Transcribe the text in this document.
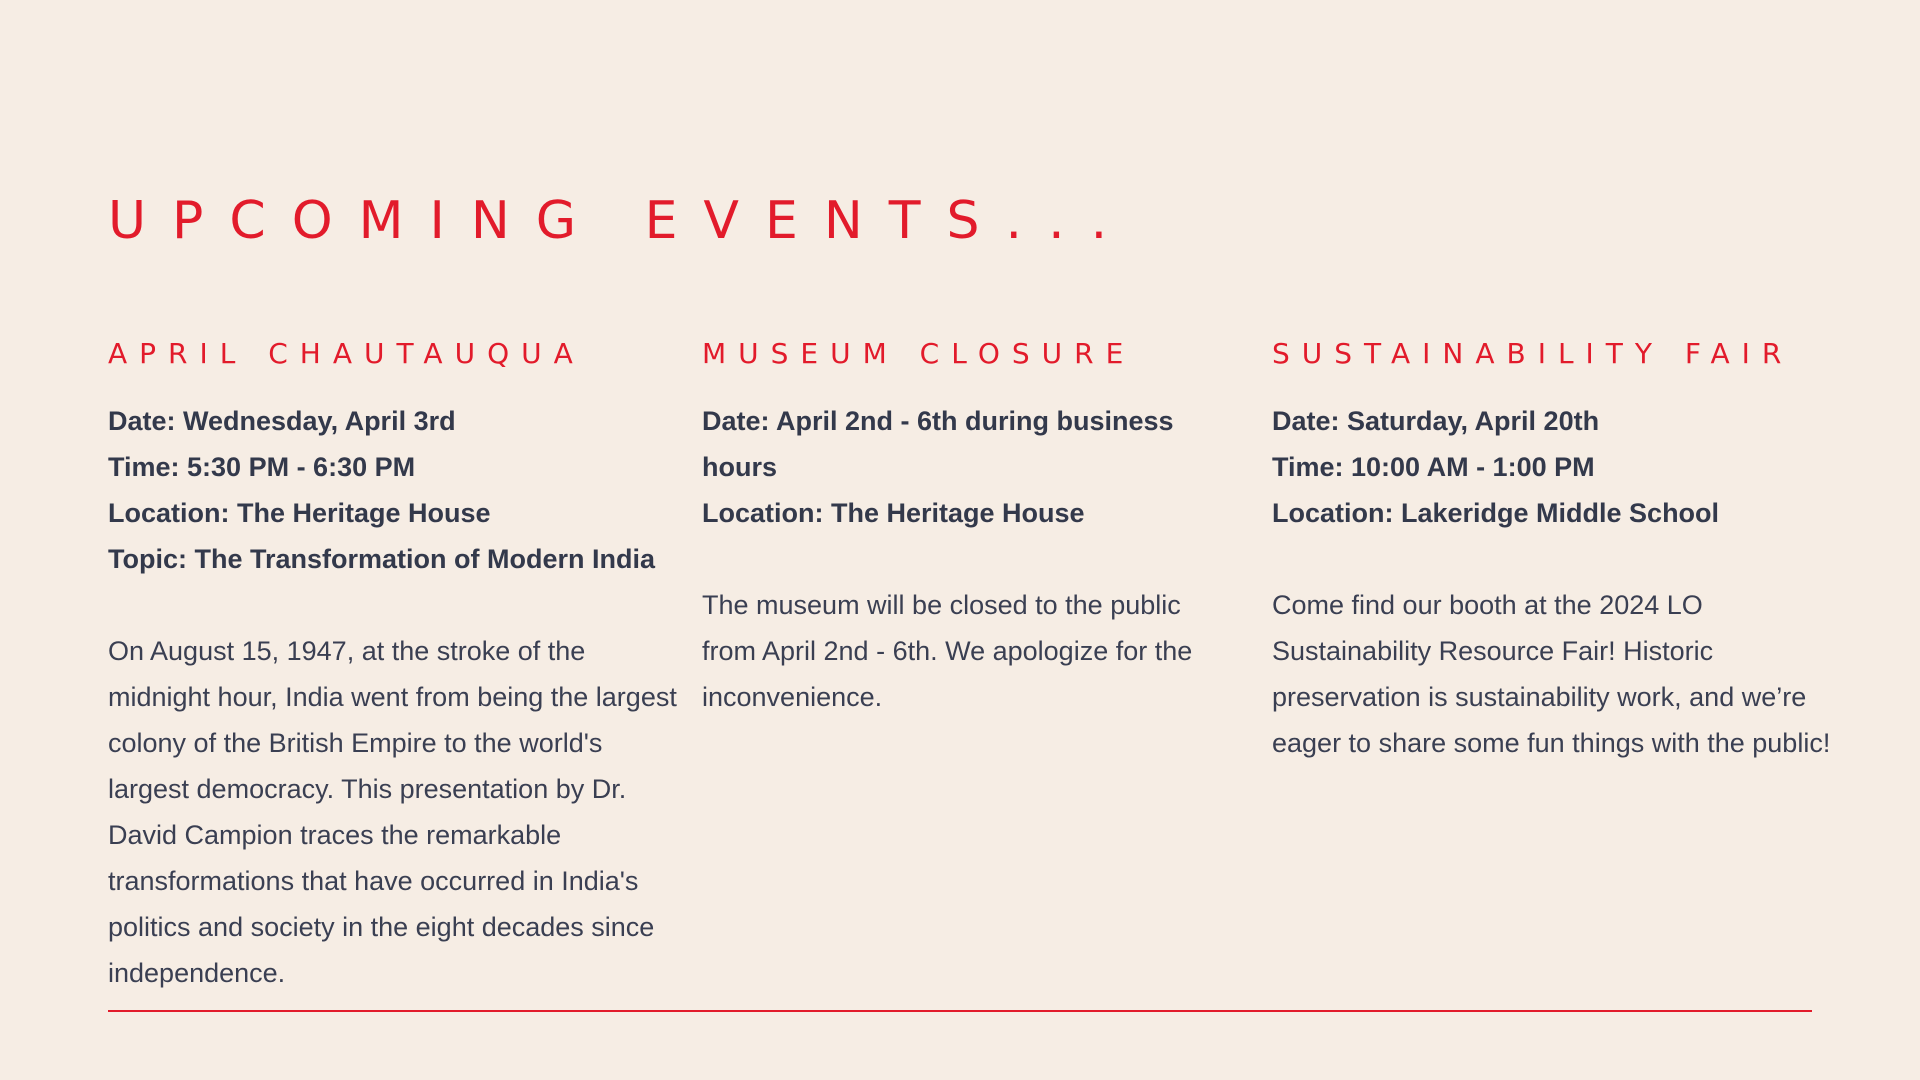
UPCOMING EVENTS...
APRIL CHAUTAUQUA
Date: Wednesday, April 3rd
Time: 5:30 PM - 6:30 PM
Location: The Heritage House
Topic: The Transformation of Modern India

On August 15, 1947, at the stroke of the midnight hour, India went from being the largest colony of the British Empire to the world's largest democracy. This presentation by Dr. David Campion traces the remarkable transformations that have occurred in India's politics and society in the eight decades since independence.

MUSEUM CLOSURE
Date: April 2nd - 6th during business hours
Location: The Heritage House

The museum will be closed to the public from April 2nd - 6th. We apologize for the inconvenience.

SUSTAINABILITY FAIR
Date: Saturday, April 20th
Time: 10:00 AM - 1:00 PM
Location: Lakeridge Middle School

Come find our booth at the 2024 LO Sustainability Resource Fair! Historic preservation is sustainability work, and we’re eager to share some fun things with the public!
